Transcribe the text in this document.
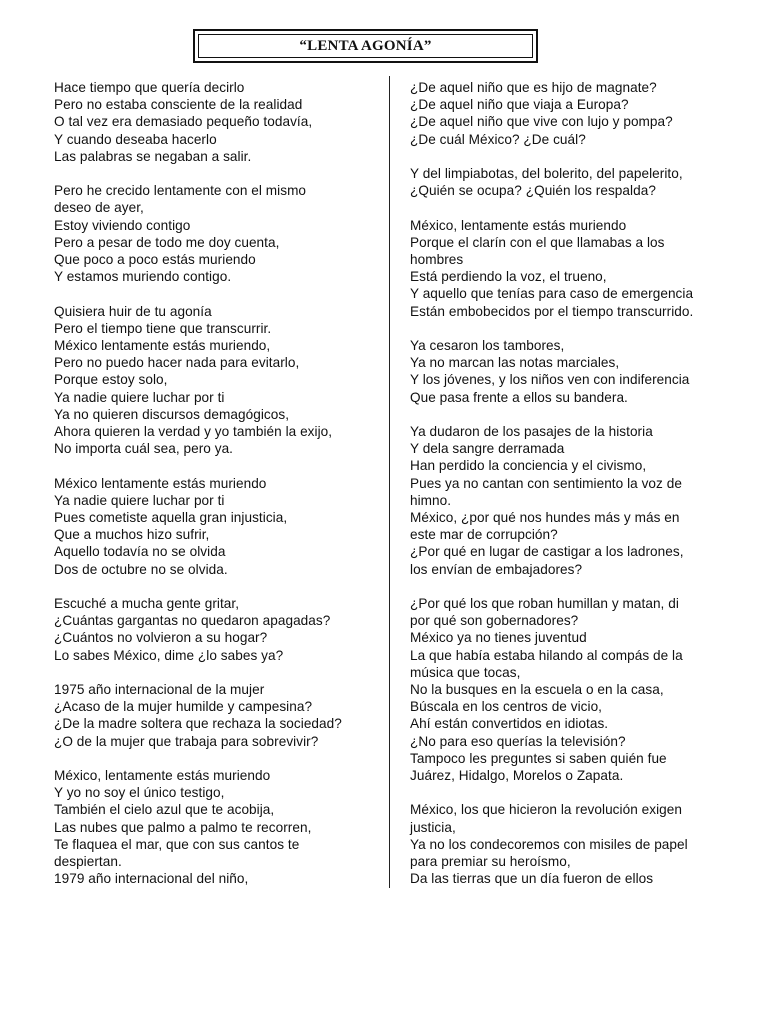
“LENTA AGONÍA”
Hace tiempo que quería decirlo
Pero no estaba consciente de la realidad
O tal vez era demasiado pequeño todavía,
Y cuando deseaba hacerlo
Las palabras se negaban a salir.
Pero he crecido lentamente con el mismo
deseo de ayer,
Estoy viviendo contigo
Pero a pesar de todo me doy cuenta,
Que poco a poco estás muriendo
Y estamos muriendo contigo.
Quisiera huir de tu agonía
Pero el tiempo tiene que transcurrir.
México lentamente estás muriendo,
Pero no puedo hacer nada para evitarlo,
Porque estoy solo,
Ya nadie quiere luchar por ti
Ya no quieren discursos demagógicos,
Ahora quieren la verdad y yo también la exijo,
No importa cuál sea, pero ya.
México lentamente estás muriendo
Ya nadie quiere luchar por ti
Pues cometiste aquella gran injusticia,
Que a muchos hizo sufrir,
Aquello todavía no se olvida
Dos de octubre no se olvida.
Escuché a mucha gente gritar,
¿Cuántas gargantas no quedaron apagadas?
¿Cuántos no volvieron a su hogar?
Lo sabes México, dime ¿lo sabes ya?
1975 año internacional de la mujer
¿Acaso de la mujer humilde y campesina?
¿De la madre soltera que rechaza la sociedad?
¿O de la mujer que trabaja para sobrevivir?
México, lentamente estás muriendo
Y yo no soy el único testigo,
También el cielo azul que te acobija,
Las nubes que palmo a palmo te recorren,
Te flaquea el mar, que con sus cantos te
despiertan.
1979 año internacional del niño,
¿De aquel niño que es hijo de magnate?
¿De aquel niño que viaja a Europa?
¿De aquel niño que vive con lujo y pompa?
¿De cuál México? ¿De cuál?
Y del limpiabotas, del bolerito, del papelerito,
¿Quién se ocupa? ¿Quién los respalda?
México, lentamente estás muriendo
Porque el clarín con el que llamabas a los
hombres
Está perdiendo la voz, el trueno,
Y aquello que tenías para caso de emergencia
Están embobecidos por el tiempo transcurrido.
Ya cesaron los tambores,
Ya no marcan las notas marciales,
Y los jóvenes, y los niños ven con indiferencia
Que pasa frente a ellos su bandera.
Ya dudaron de los pasajes de la historia
Y dela sangre derramada
Han perdido la conciencia y el civismo,
Pues ya no cantan con sentimiento la voz de
himno.
México, ¿por qué nos hundes más y más en
este mar de corrupción?
¿Por qué en lugar de castigar a los ladrones,
los envían de embajadores?
¿Por qué los que roban humillan y matan, di
por qué son gobernadores?
México ya no tienes juventud
La que había estaba hilando al compás de la
música que tocas,
No la busques en la escuela o en la casa,
Búscala en los centros de vicio,
Ahí están convertidos en idiotas.
¿No para eso querías la televisión?
Tampoco les preguntes si saben quién fue
Juárez, Hidalgo, Morelos o Zapata.
México, los que hicieron la revolución exigen
justicia,
Ya no los condecoremos con misiles de papel
para premiar su heroísmo,
Da las tierras que un día fueron de ellos
